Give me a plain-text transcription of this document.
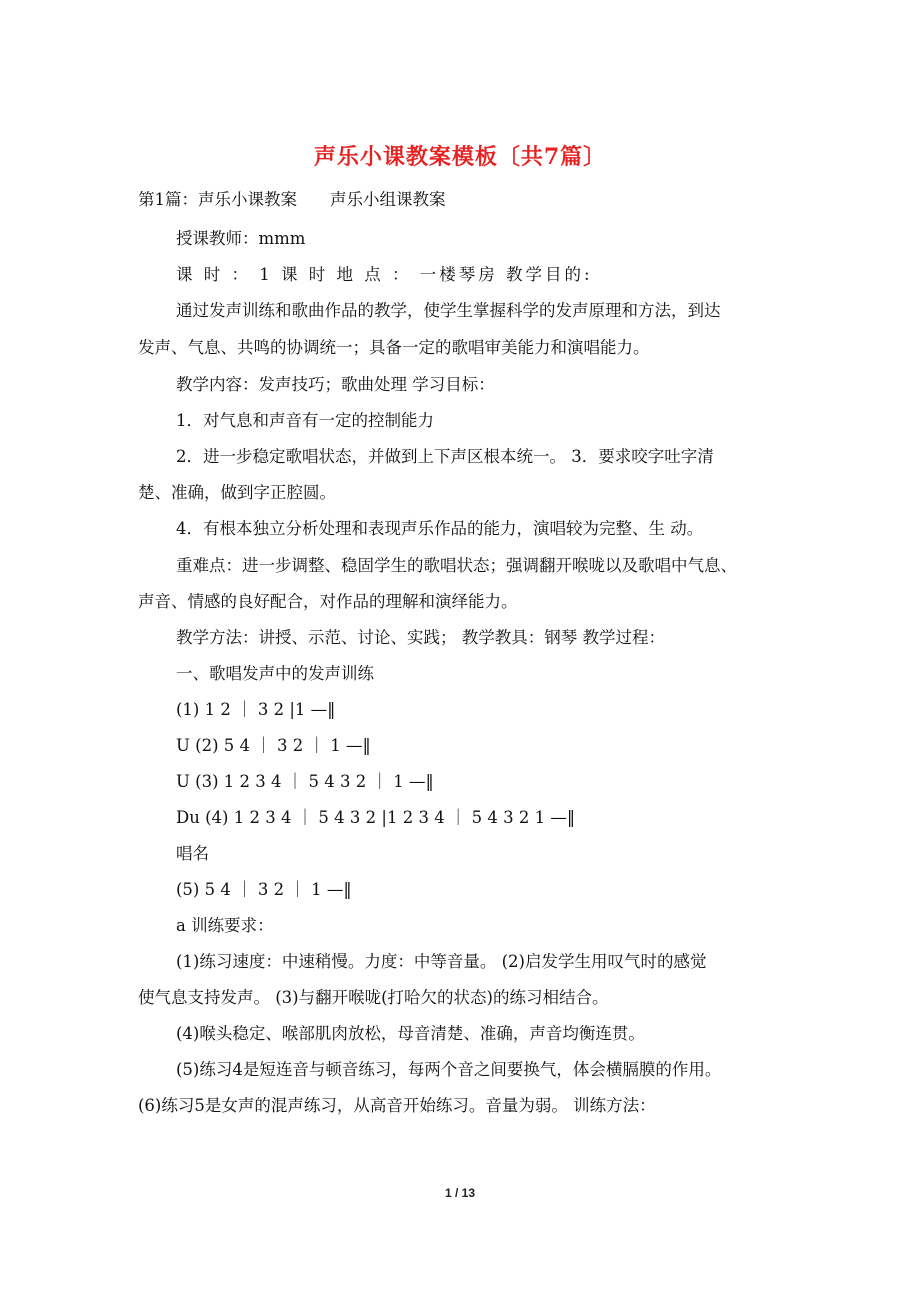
声乐小课教案模板〔共7篇〕
第1篇：声乐小课教案　　声乐小组课教案
授课教师：mmm
课 时 ： 1 课 时 地 点 ： 一楼琴房 教学目的:
通过发声训练和歌曲作品的教学，使学生掌握科学的发声原理和方法，到达
发声、气息、共鸣的协调统一；具备一定的歌唱审美能力和演唱能力。
教学内容：发声技巧；歌曲处理 学习目标：
1．对气息和声音有一定的控制能力
2．进一步稳定歌唱状态，并做到上下声区根本统一。 3．要求咬字吐字清
楚、准确，做到字正腔圆。
4．有根本独立分析处理和表现声乐作品的能力，演唱较为完整、生 动。
重难点：进一步调整、稳固学生的歌唱状态；强调翻开喉咙以及歌唱中气息、
声音、情感的良好配合，对作品的理解和演绎能力。
教学方法：讲授、示范、讨论、实践； 教学教具：钢琴 教学过程：
一、歌唱发声中的发声训练
(1) 1 2 ｜ 3 2 |1 —‖
U (2) 5 4 ｜ 3 2 ｜ 1 —‖
U (3) 1 2 3 4 ｜ 5 4 3 2 ｜ 1 —‖
Du (4) 1 2 3 4 ｜ 5 4 3 2 |1 2 3 4 ｜ 5 4 3 2 1 —‖
唱名
(5) 5 4 ｜ 3 2 ｜ 1 —‖
a 训练要求：
(1)练习速度：中速稍慢。力度：中等音量。 (2)启发学生用叹气时的感觉
使气息支持发声。 (3)与翻开喉咙(打哈欠的状态)的练习相结合。
(4)喉头稳定、喉部肌肉放松，母音清楚、准确，声音均衡连贯。
(5)练习4是短连音与顿音练习，每两个音之间要换气，体会横膈膜的作用。
(6)练习5是女声的混声练习，从高音开始练习。音量为弱。 训练方法：
1 / 13
